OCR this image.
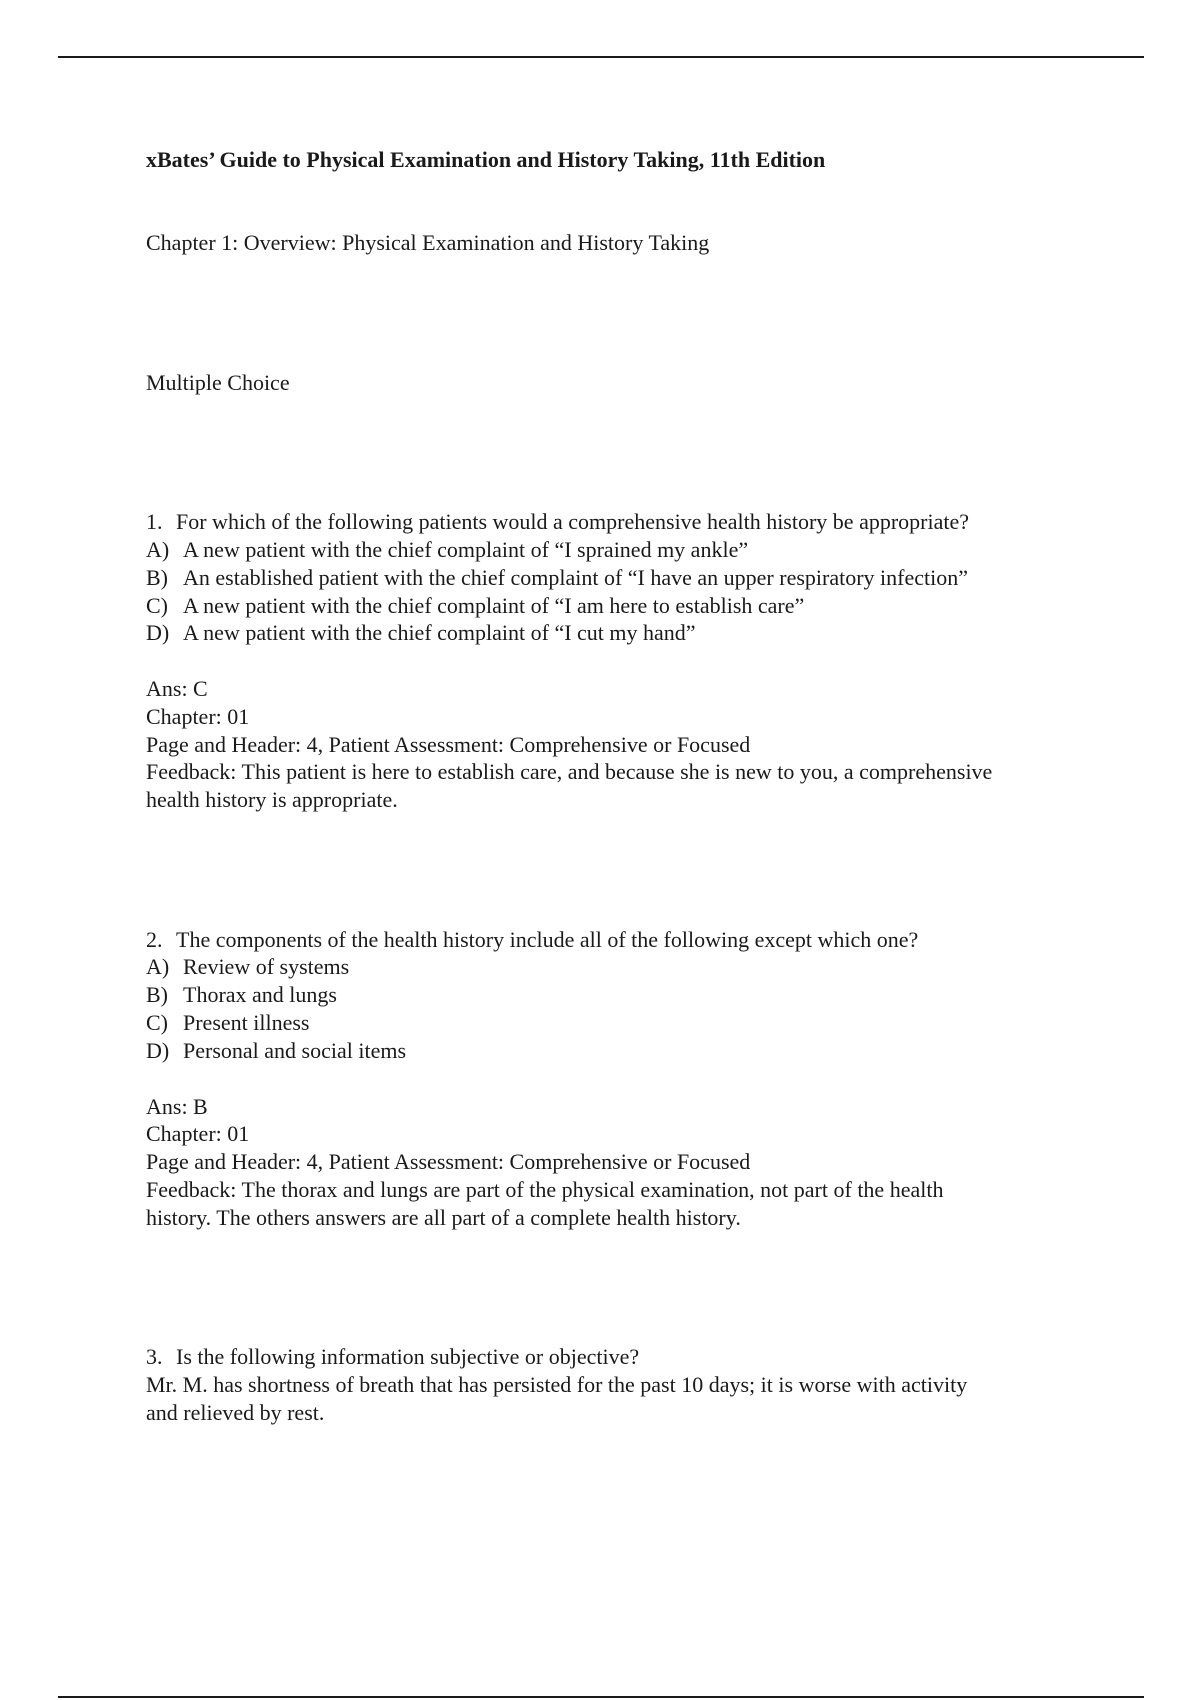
xBates’ Guide to Physical Examination and History Taking, 11th Edition
Chapter 1: Overview: Physical Examination and History Taking
Multiple Choice
1. For which of the following patients would a comprehensive health history be appropriate?
A) A new patient with the chief complaint of “I sprained my ankle”
B) An established patient with the chief complaint of “I have an upper respiratory infection”
C) A new patient with the chief complaint of “I am here to establish care”
D) A new patient with the chief complaint of “I cut my hand”
Ans: C
Chapter: 01
Page and Header: 4, Patient Assessment: Comprehensive or Focused
Feedback: This patient is here to establish care, and because she is new to you, a comprehensive
health history is appropriate.
2. The components of the health history include all of the following except which one?
A) Review of systems
B) Thorax and lungs
C) Present illness
D) Personal and social items
Ans: B
Chapter: 01
Page and Header: 4, Patient Assessment: Comprehensive or Focused
Feedback: The thorax and lungs are part of the physical examination, not part of the health
history. The others answers are all part of a complete health history.
3. Is the following information subjective or objective?
Mr. M. has shortness of breath that has persisted for the past 10 days; it is worse with activity
and relieved by rest.
